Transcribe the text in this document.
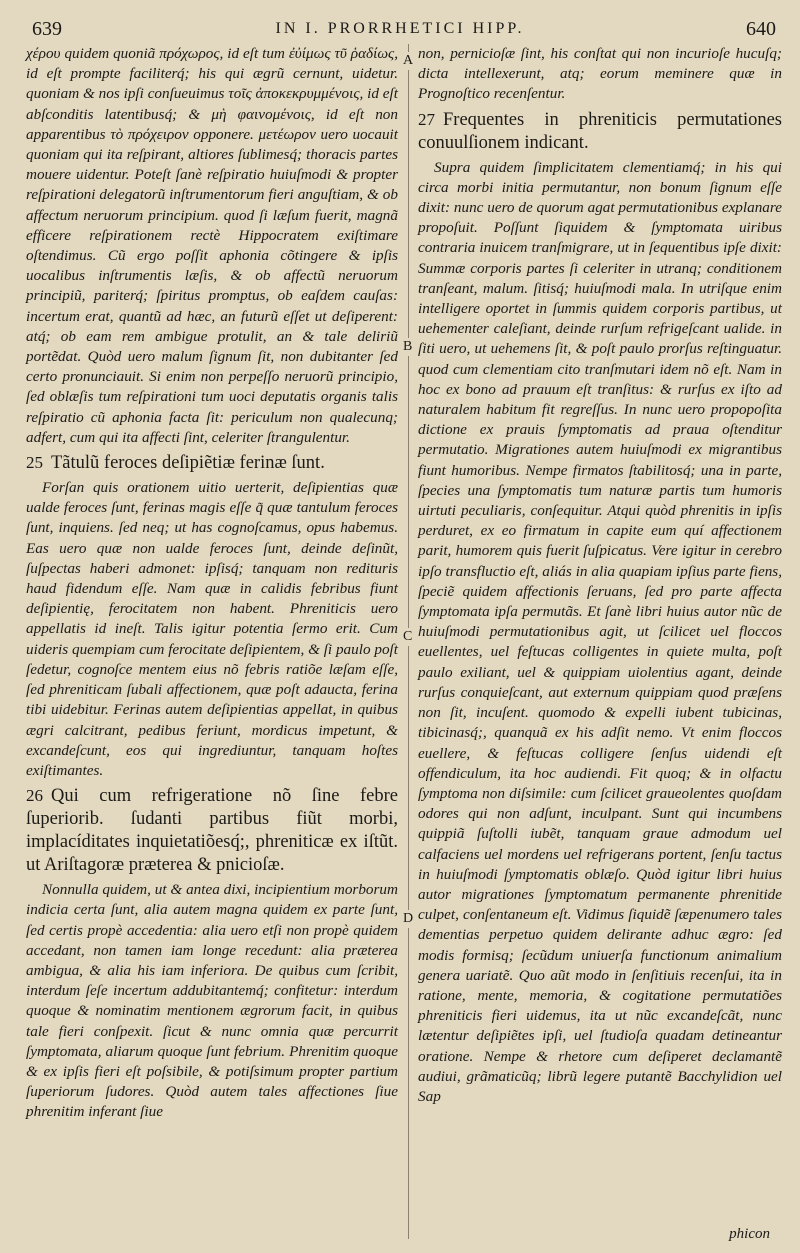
639	IN I. PRORRHETICI HIPP.	640
A
B
C
D

χέρου quidem quoniã πρόχωρος, id eſt tum ἐὐίμως τῦ ῥαδίως, id eſt prompte faciliterq́; his qui ægrũ cernunt, uidetur. quoniam & nos ipſi conſueuimus τοῖς ἀποκεκρυμμένοις, id eſt abſconditis latentibusq́; & μὴ φαινομένοις, id eſt non apparentibus τὸ πρόχειρον opponere. μετέωρον uero uocauit quoniam qui ita reſpirant, altiores ſublimesq́; thoracis partes mouere uidentur. Poteſt ſanè reſpiratio huiuſmodi & propter reſpirationi delegatorũ inſtrumentorum fieri anguſtiam, & ob affectum neruorum principium. quod ſi læſum fuerit, magnã efficere reſpirationem rectè Hippocratem exiſtimare oſtendimus. Cũ ergo poſſit aphonia cõtingere & ipſis uocalibus inſtrumentis læſis, & ob affectũ neruorum principiũ, pariterq́; ſpiritus promptus, ob eaſdem cauſas: incertum erat, quantũ ad hæc, an futurũ eſſet ut deſiperent: atq́; ob eam rem ambigue protulit, an & tale deliriũ portẽdat. Quòd uero malum ſignum ſit, non dubitanter ſed certo pronunciauit. Si enim non perpeſſo neruorũ principio, ſed oblæſis tum reſpirationi tum uoci deputatis organis talis reſpiratio cũ aphonia facta ſit: periculum non qualecunq; adfert, cum qui ita affecti ſint, celeriter ſtrangulentur.

25 Tãtulũ feroces deſipiẽtiæ ferinæ ſunt.

Forſan quis orationem uitio uerterit, deſipientias quæ ualde feroces ſunt, ferinas magis eſſe q̃ quæ tantulum feroces ſunt, inquiens. ſed neq; ut has cognoſcamus, opus habemus. Eas uero quæ non ualde feroces ſunt, deinde deſinũt, ſuſpectas haberi admonet: ipſisq́; tanquam non redituris haud fidendum eſſe. Nam quæ in calidis febribus fiunt deſipientię, ferocitatem non habent. Phreniticis uero appellatis id ineſt. Talis igitur potentia ſermo erit. Cum uideris quempiam cum ferocitate deſipientem, & ſi paulo poſt ſedetur, cognoſce mentem eius nõ febris ratiõe læſam eſſe, ſed phreniticam ſubali affectionem, quæ poſt adaucta, ferina tibi uidebitur. Ferinas autem deſipientias appellat, in quibus ægri calcitrant, pedibus feriunt, mordicus impetunt, & excandeſcunt, eos qui ingrediuntur, tanquam hoſtes exiſtimantes.

26 Qui cum refrigeratione nõ ſine febre ſuperiorib. ſudanti partibus fiũt morbi, implacíditates inquietatiõesq́;, phreniticæ ex iſtũt. ut Ariſtagoræ præterea & pnicioſæ.

Nonnulla quidem, ut & antea dixi, incipientium morborum indicia certa ſunt, alia autem magna quidem ex parte ſunt, ſed certis propè accedentia: alia uero etſi non propè quidem accedant, non tamen iam longe recedunt: alia præterea ambigua, & alia his iam inferiora. De quibus cum ſcribit, interdum ſeſe incertum addubitantemq́; confitetur: interdum quoque & nominatim mentionem ægrorum facit, in quibus tale fieri conſpexit. ſicut & nunc omnia quæ percurrit ſymptomata, aliarum quoque ſunt febrium. Phrenitim quoque & ex ipſis fieri eſt poſsibile, & potiſsimum propter partium ſuperiorum ſudores. Quòd autem tales affectiones ſiue phrenitim inferant ſiue

non, pernicioſæ ſint, his conſtat qui non incurioſe hucuſq; dicta intellexerunt, atq; eorum meminere quæ in Prognoſtico recenſentur.

27 Frequentes in phreniticis permutationes conuulſionem indicant.

Supra quidem ſimplicitatem clementiamq́; in his qui circa morbi initia permutantur, non bonum ſignum eſſe dixit: nunc uero de quorum agat permutationibus explanare propoſuit. Poſſunt ſiquidem & ſymptomata uiribus contraria inuicem tranſmigrare, ut in ſequentibus ipſe dixit: Summæ corporis partes ſi celeriter in utranq; conditionem tranſeant, malum. ſitisq́; huiuſmodi mala. In utriſque enim intelligere oportet in ſummis quidem corporis partibus, ut uehementer caleſiant, deinde rurſum refrigeſcant ualide. in ſiti uero, ut uehemens ſit, & poſt paulo prorſus reſtinguatur. quod cum clementiam cito tranſmutari idem nõ eſt. Nam in hoc ex bono ad prauum eſt tranſitus: & rurſus ex iſto ad naturalem habitum fit regreſſus. In nunc uero propopoſita dictione ex prauis ſymptomatis ad praua oſtenditur permutatio. Migrationes autem huiuſmodi ex migrantibus fiunt humoribus. Nempe firmatos ſtabilitosq́; una in parte, ſpecies una ſymptomatis tum naturæ partis tum humoris uirtuti peculiaris, conſequitur. Atqui quòd phrenitis in ipſis perduret, ex eo firmatum in capite eum quí affectionem parit, humorem quis fuerit ſuſpicatus. Vere igitur in cerebro ipſo transfluctio eſt, aliás in alia quapiam ipſius parte fiens, ſpeciẽ quidem affectionis ſeruans, ſed pro parte affecta ſymptomata ipſa permutãs. Et ſanè libri huius autor nũc de huiuſmodi permutationibus agit, ut ſcilicet uel floccos euellentes, uel feſtucas colligentes in quiete multa, poſt paulo exiliant, uel & quippiam uiolentius agant, deinde rurſus conquieſcant, aut externum quippiam quod præſens non ſit, incuſent. quomodo & expelli iubent tubicinas, tibicinasq́;, quanquã ex his adſit nemo. Vt enim floccos euellere, & feſtucas colligere ſenſus uidendi eſt offendiculum, ita hoc audiendi. Fit quoq; & in olfactu ſymptoma non diſsimile: cum ſcilicet graueolentes quoſdam odores qui non adſunt, inculpant. Sunt qui incumbens quippiã ſuſtolli iubẽt, tanquam graue admodum uel calfaciens uel mordens uel refrigerans portent, ſenſu tactus in huiuſmodi ſymptomatis oblæſo. Quòd igitur libri huius autor migrationes ſymptomatum permanente phrenitide culpet, conſentaneum eſt. Vidimus ſiquidẽ ſæpenumero tales dementias perpetuo quidem delirante adhuc ægro: ſed modis formisq; ſecũdum uniuerſa functionum animalium genera uariatẽ. Quo aũt modo in ſenſitiuis recenſui, ita in ratione, mente, memoria, & cogitatione permutatiões phreniticis fieri uidemus, ita ut nũc excandeſcãt, nunc lætentur deſipiẽtes ipſi, uel ſtudioſa quadam detineantur oratione. Nempe & rhetore cum deſiperet declamantẽ audiui, grãmaticũq; librũ legere putantẽ Bacchylidion uel Sap

phicon
